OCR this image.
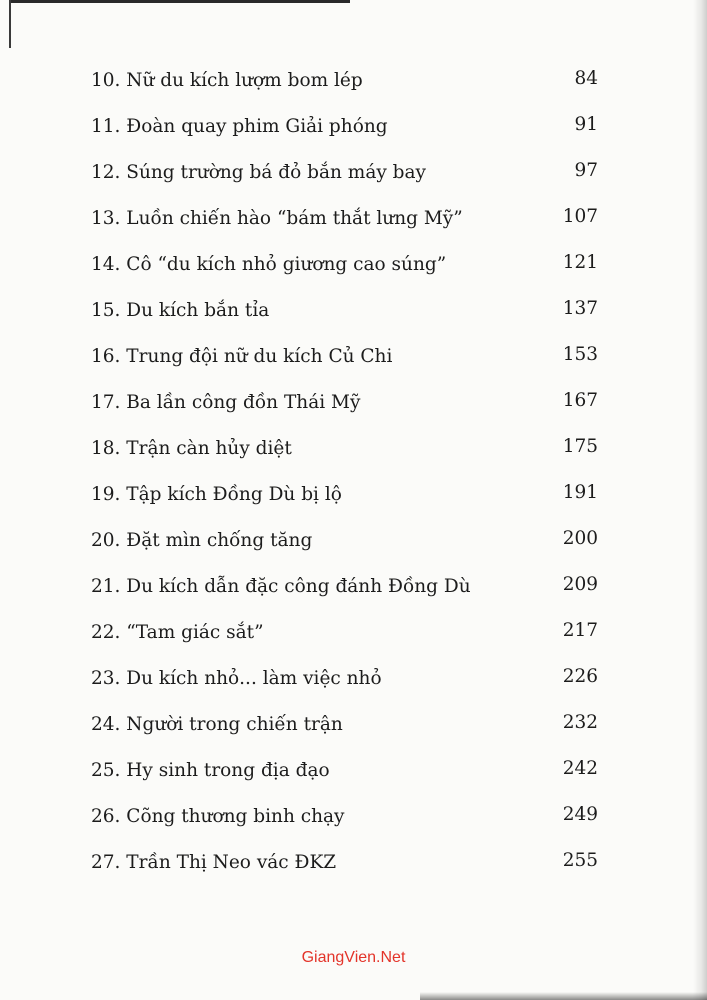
10. Nữ du kích lượm bom lép	84
11. Đoàn quay phim Giải phóng	91
12. Súng trường bá đỏ bắn máy bay	97
13. Luồn chiến hào “bám thắt lưng Mỹ”	107
14. Cô “du kích nhỏ giương cao súng”	121
15. Du kích bắn tỉa	137
16. Trung đội nữ du kích Củ Chi	153
17. Ba lần công đồn Thái Mỹ	167
18. Trận càn hủy diệt	175
19. Tập kích Đồng Dù bị lộ	191
20. Đặt mìn chống tăng	200
21. Du kích dẫn đặc công đánh Đồng Dù	209
22. “Tam giác sắt”	217
23. Du kích nhỏ... làm việc nhỏ	226
24. Người trong chiến trận	232
25. Hy sinh trong địa đạo	242
26. Cõng thương binh chạy	249
27. Trần Thị Neo vác ĐKZ	255
GiangVien.Net
